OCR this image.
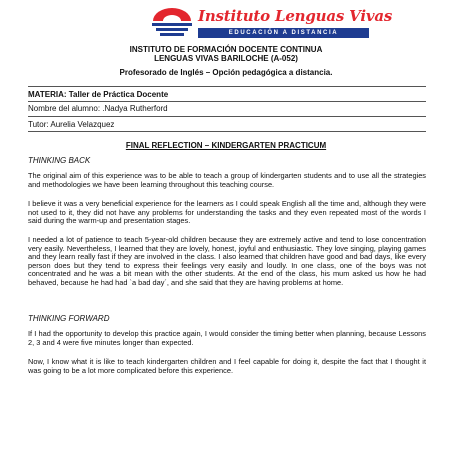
Instituto Lenguas Vivas
EDUCACIÓN A DISTANCIA
INSTITUTO DE FORMACIÓN DOCENTE CONTINUA
LENGUAS VIVAS BARILOCHE (A-052)
Profesorado de Inglés – Opción pedagógica a distancia.
MATERIA: Taller de Práctica Docente
Nombre del alumno: .Nadya Rutherford
Tutor: Aurelia Velazquez
FINAL REFLECTION – KINDERGARTEN PRACTICUM
THINKING BACK

The original aim of this experience was to be able to teach a group of kindergarten students and to use all the strategies and methodologies we have been learning throughout this teaching course.

I believe it was a very beneficial experience for the learners as I could speak English all the time and, although they were not used to it, they did not have any problems for understanding the tasks and they even repeated most of the words I said during the warm-up and presentation stages.

I needed a lot of patience to teach 5-year-old children because they are extremely active and tend to lose concentration very easily. Nevertheless, I learned that they are lovely, honest, joyful and enthusiastic. They love singing, playing games and they learn really fast if they are involved in the class. I also learned that children have good and bad days, like every person does but they tend to express their feelings very easily and loudly. In one class, one of the boys was not concentrated and he was a bit mean with the other students. At the end of the class, his mum asked us how he had behaved, because he had had `a bad day´, and she said that they are having problems at home.

THINKING FORWARD

If I had the opportunity to develop this practice again, I would consider the timing better when planning, because Lessons 2, 3 and 4 were five minutes longer than expected.

Now, I know what it is like to teach kindergarten children and I feel capable for doing it, despite the fact that I thought it was going to be a lot more complicated before this experience.
